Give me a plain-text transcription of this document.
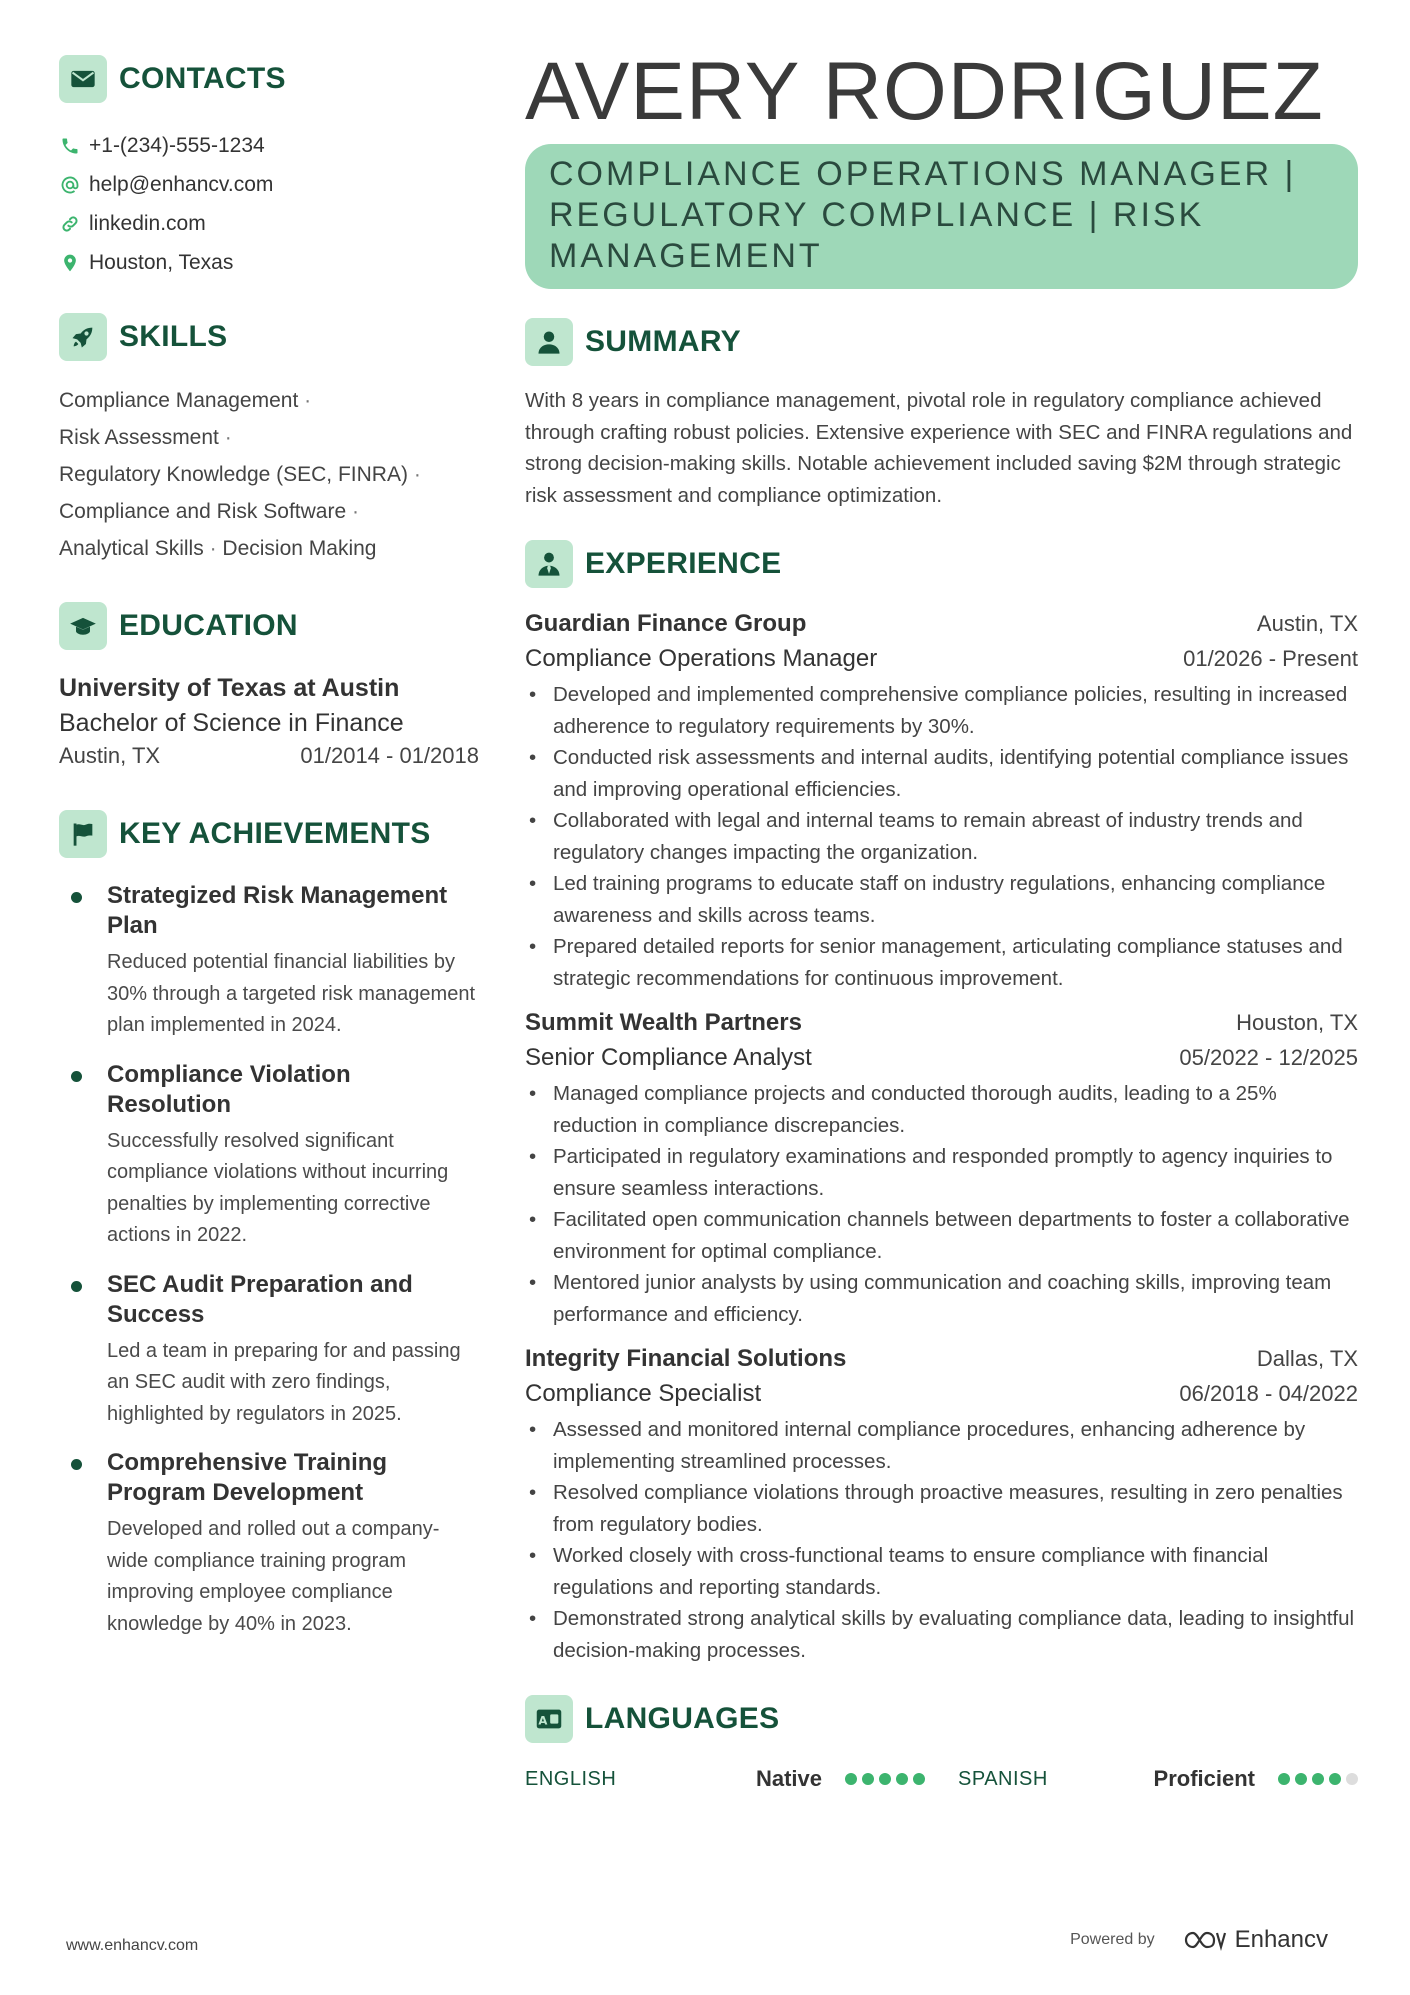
CONTACTS
+1-(234)-555-1234
help@enhancv.com
linkedin.com
Houston, Texas
SKILLS
Compliance Management ·
Risk Assessment ·
Regulatory Knowledge (SEC, FINRA) ·
Compliance and Risk Software ·
Analytical Skills · Decision Making
EDUCATION
University of Texas at Austin
Bachelor of Science in Finance
Austin, TX	01/2014 - 01/2018
KEY ACHIEVEMENTS
Strategized Risk Management Plan
Reduced potential financial liabilities by 30% through a targeted risk management plan implemented in 2024.
Compliance Violation Resolution
Successfully resolved significant compliance violations without incurring penalties by implementing corrective actions in 2022.
SEC Audit Preparation and Success
Led a team in preparing for and passing an SEC audit with zero findings, highlighted by regulators in 2025.
Comprehensive Training Program Development
Developed and rolled out a company-wide compliance training program improving employee compliance knowledge by 40% in 2023.
AVERY RODRIGUEZ
COMPLIANCE OPERATIONS MANAGER | REGULATORY COMPLIANCE | RISK MANAGEMENT
SUMMARY
With 8 years in compliance management, pivotal role in regulatory compliance achieved through crafting robust policies. Extensive experience with SEC and FINRA regulations and strong decision-making skills. Notable achievement included saving $2M through strategic risk assessment and compliance optimization.
EXPERIENCE
Guardian Finance Group	Austin, TX
Compliance Operations Manager	01/2026 - Present
• Developed and implemented comprehensive compliance policies, resulting in increased adherence to regulatory requirements by 30%.
• Conducted risk assessments and internal audits, identifying potential compliance issues and improving operational efficiencies.
• Collaborated with legal and internal teams to remain abreast of industry trends and regulatory changes impacting the organization.
• Led training programs to educate staff on industry regulations, enhancing compliance awareness and skills across teams.
• Prepared detailed reports for senior management, articulating compliance statuses and strategic recommendations for continuous improvement.
Summit Wealth Partners	Houston, TX
Senior Compliance Analyst	05/2022 - 12/2025
• Managed compliance projects and conducted thorough audits, leading to a 25% reduction in compliance discrepancies.
• Participated in regulatory examinations and responded promptly to agency inquiries to ensure seamless interactions.
• Facilitated open communication channels between departments to foster a collaborative environment for optimal compliance.
• Mentored junior analysts by using communication and coaching skills, improving team performance and efficiency.
Integrity Financial Solutions	Dallas, TX
Compliance Specialist	06/2018 - 04/2022
• Assessed and monitored internal compliance procedures, enhancing adherence by implementing streamlined processes.
• Resolved compliance violations through proactive measures, resulting in zero penalties from regulatory bodies.
• Worked closely with cross-functional teams to ensure compliance with financial regulations and reporting standards.
• Demonstrated strong analytical skills by evaluating compliance data, leading to insightful decision-making processes.
A LANGUAGES
ENGLISH	Native	SPANISH	Proficient
www.enhancv.com	Powered by	Enhancv
